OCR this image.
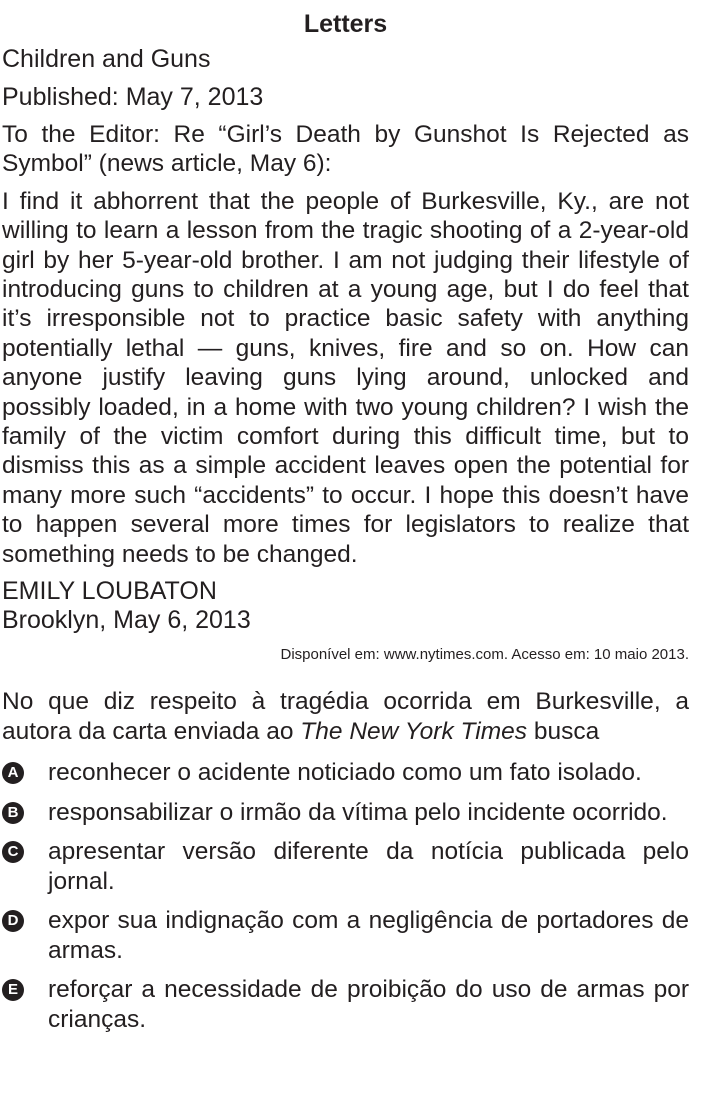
Letters
Children and Guns
Published: May 7, 2013
To the Editor: Re “Girl’s Death by Gunshot Is Rejected as Symbol” (news article, May 6):
I find it abhorrent that the people of Burkesville, Ky., are not willing to learn a lesson from the tragic shooting of a 2-year-old girl by her 5-year-old brother. I am not judging their lifestyle of introducing guns to children at a young age, but I do feel that it’s irresponsible not to practice basic safety with anything potentially lethal — guns, knives, fire and so on. How can anyone justify leaving guns lying around, unlocked and possibly loaded, in a home with two young children? I wish the family of the victim comfort during this difficult time, but to dismiss this as a simple accident leaves open the potential for many more such “accidents” to occur. I hope this doesn’t have to happen several more times for legislators to realize that something needs to be changed.
EMILY LOUBATON
Brooklyn, May 6, 2013
Disponível em: www.nytimes.com. Acesso em: 10 maio 2013.
No que diz respeito à tragédia ocorrida em Burkesville, a autora da carta enviada ao The New York Times busca
A reconhecer o acidente noticiado como um fato isolado.
B responsabilizar o irmão da vítima pelo incidente ocorrido.
C apresentar versão diferente da notícia publicada pelo jornal.
D expor sua indignação com a negligência de portadores de armas.
E reforçar a necessidade de proibição do uso de armas por crianças.
